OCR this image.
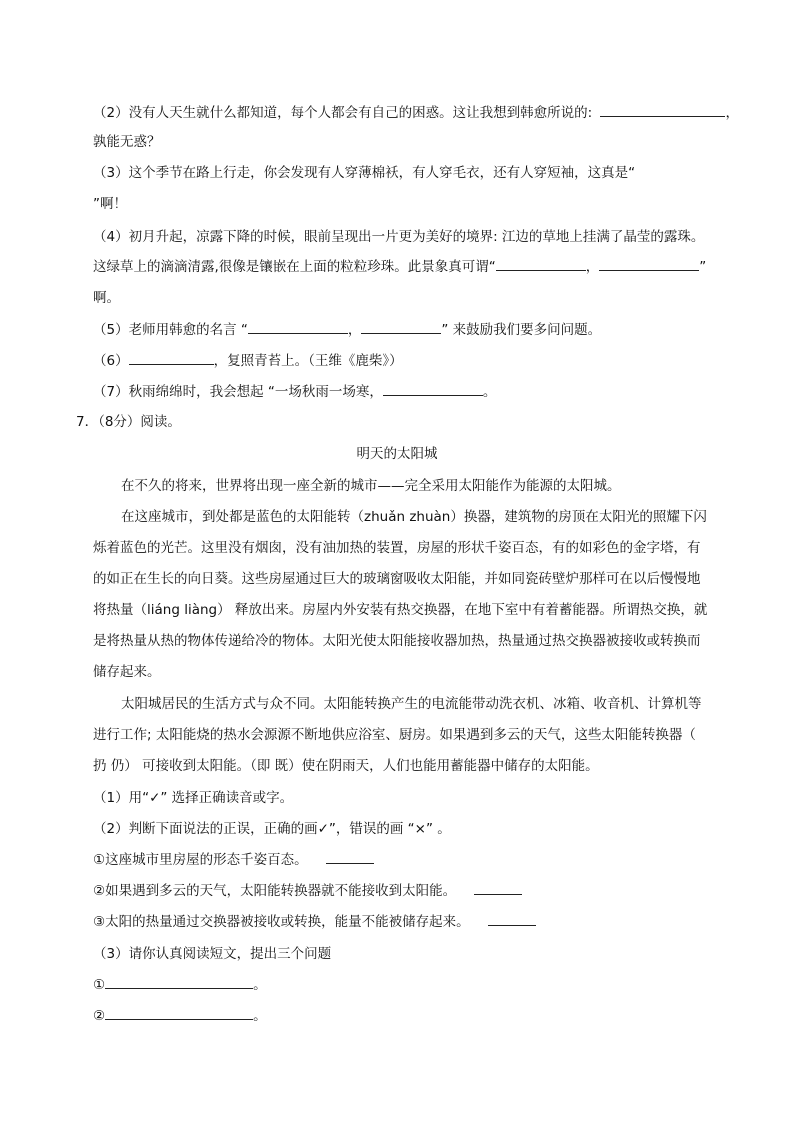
（2）没有人天生就什么都知道，每个人都会有自己的困惑。这让我想到韩愈所说的:	，
孰能无惑？
（3）这个季节在路上行走，你会发现有人穿薄棉袄，有人穿毛衣，还有人穿短袖，这真是“
”啊！
（4）初月升起，凉露下降的时候，眼前呈现出一片更为美好的境界: 江边的草地上挂满了晶莹的露珠。
这绿草上的滴滴清露,很像是镶嵌在上面的粒粒珍珠。此景象真可谓“	，	”
啊。
（5）老师用韩愈的名言 “	，	” 来鼓励我们要多问问题。
（6）	，复照青苔上。（王维《鹿柴》）
（7）秋雨绵绵时，我会想起 “一场秋雨一场寒，	。
7．（8分）阅读。
明天的太阳城
在不久的将来，世界将出现一座全新的城市——完全采用太阳能作为能源的太阳城。
在这座城市，到处都是蓝色的太阳能转（zhuǎn zhuàn）换器，建筑物的房顶在太阳光的照耀下闪
烁着蓝色的光芒。这里没有烟囱，没有油加热的装置，房屋的形状千姿百态，有的如彩色的金字塔，有
的如正在生长的向日葵。这些房屋通过巨大的玻璃窗吸收太阳能，并如同瓷砖壁炉那样可在以后慢慢地
将热量（liáng liàng） 释放出来。房屋内外安装有热交换器，在地下室中有着蓄能器。所谓热交换，就
是将热量从热的物体传递给冷的物体。太阳光使太阳能接收器加热，热量通过热交换器被接收或转换而
储存起来。
太阳城居民的生活方式与众不同。太阳能转换产生的电流能带动洗衣机、冰箱、收音机、计算机等
进行工作; 太阳能烧的热水会源源不断地供应浴室、厨房。如果遇到多云的天气，这些太阳能转换器（
扔 仍） 可接收到太阳能。（即 既）使在阴雨天，人们也能用蓄能器中储存的太阳能。
（1）用“✓” 选择正确读音或字。
（2）判断下面说法的正误，正确的画✓”，错误的画 “×” 。
①这座城市里房屋的形态千姿百态。
②如果遇到多云的天气，太阳能转换器就不能接收到太阳能。
③太阳的热量通过交换器被接收或转换，能量不能被储存起来。
（3）请你认真阅读短文，提出三个问题
①	。
②	。
